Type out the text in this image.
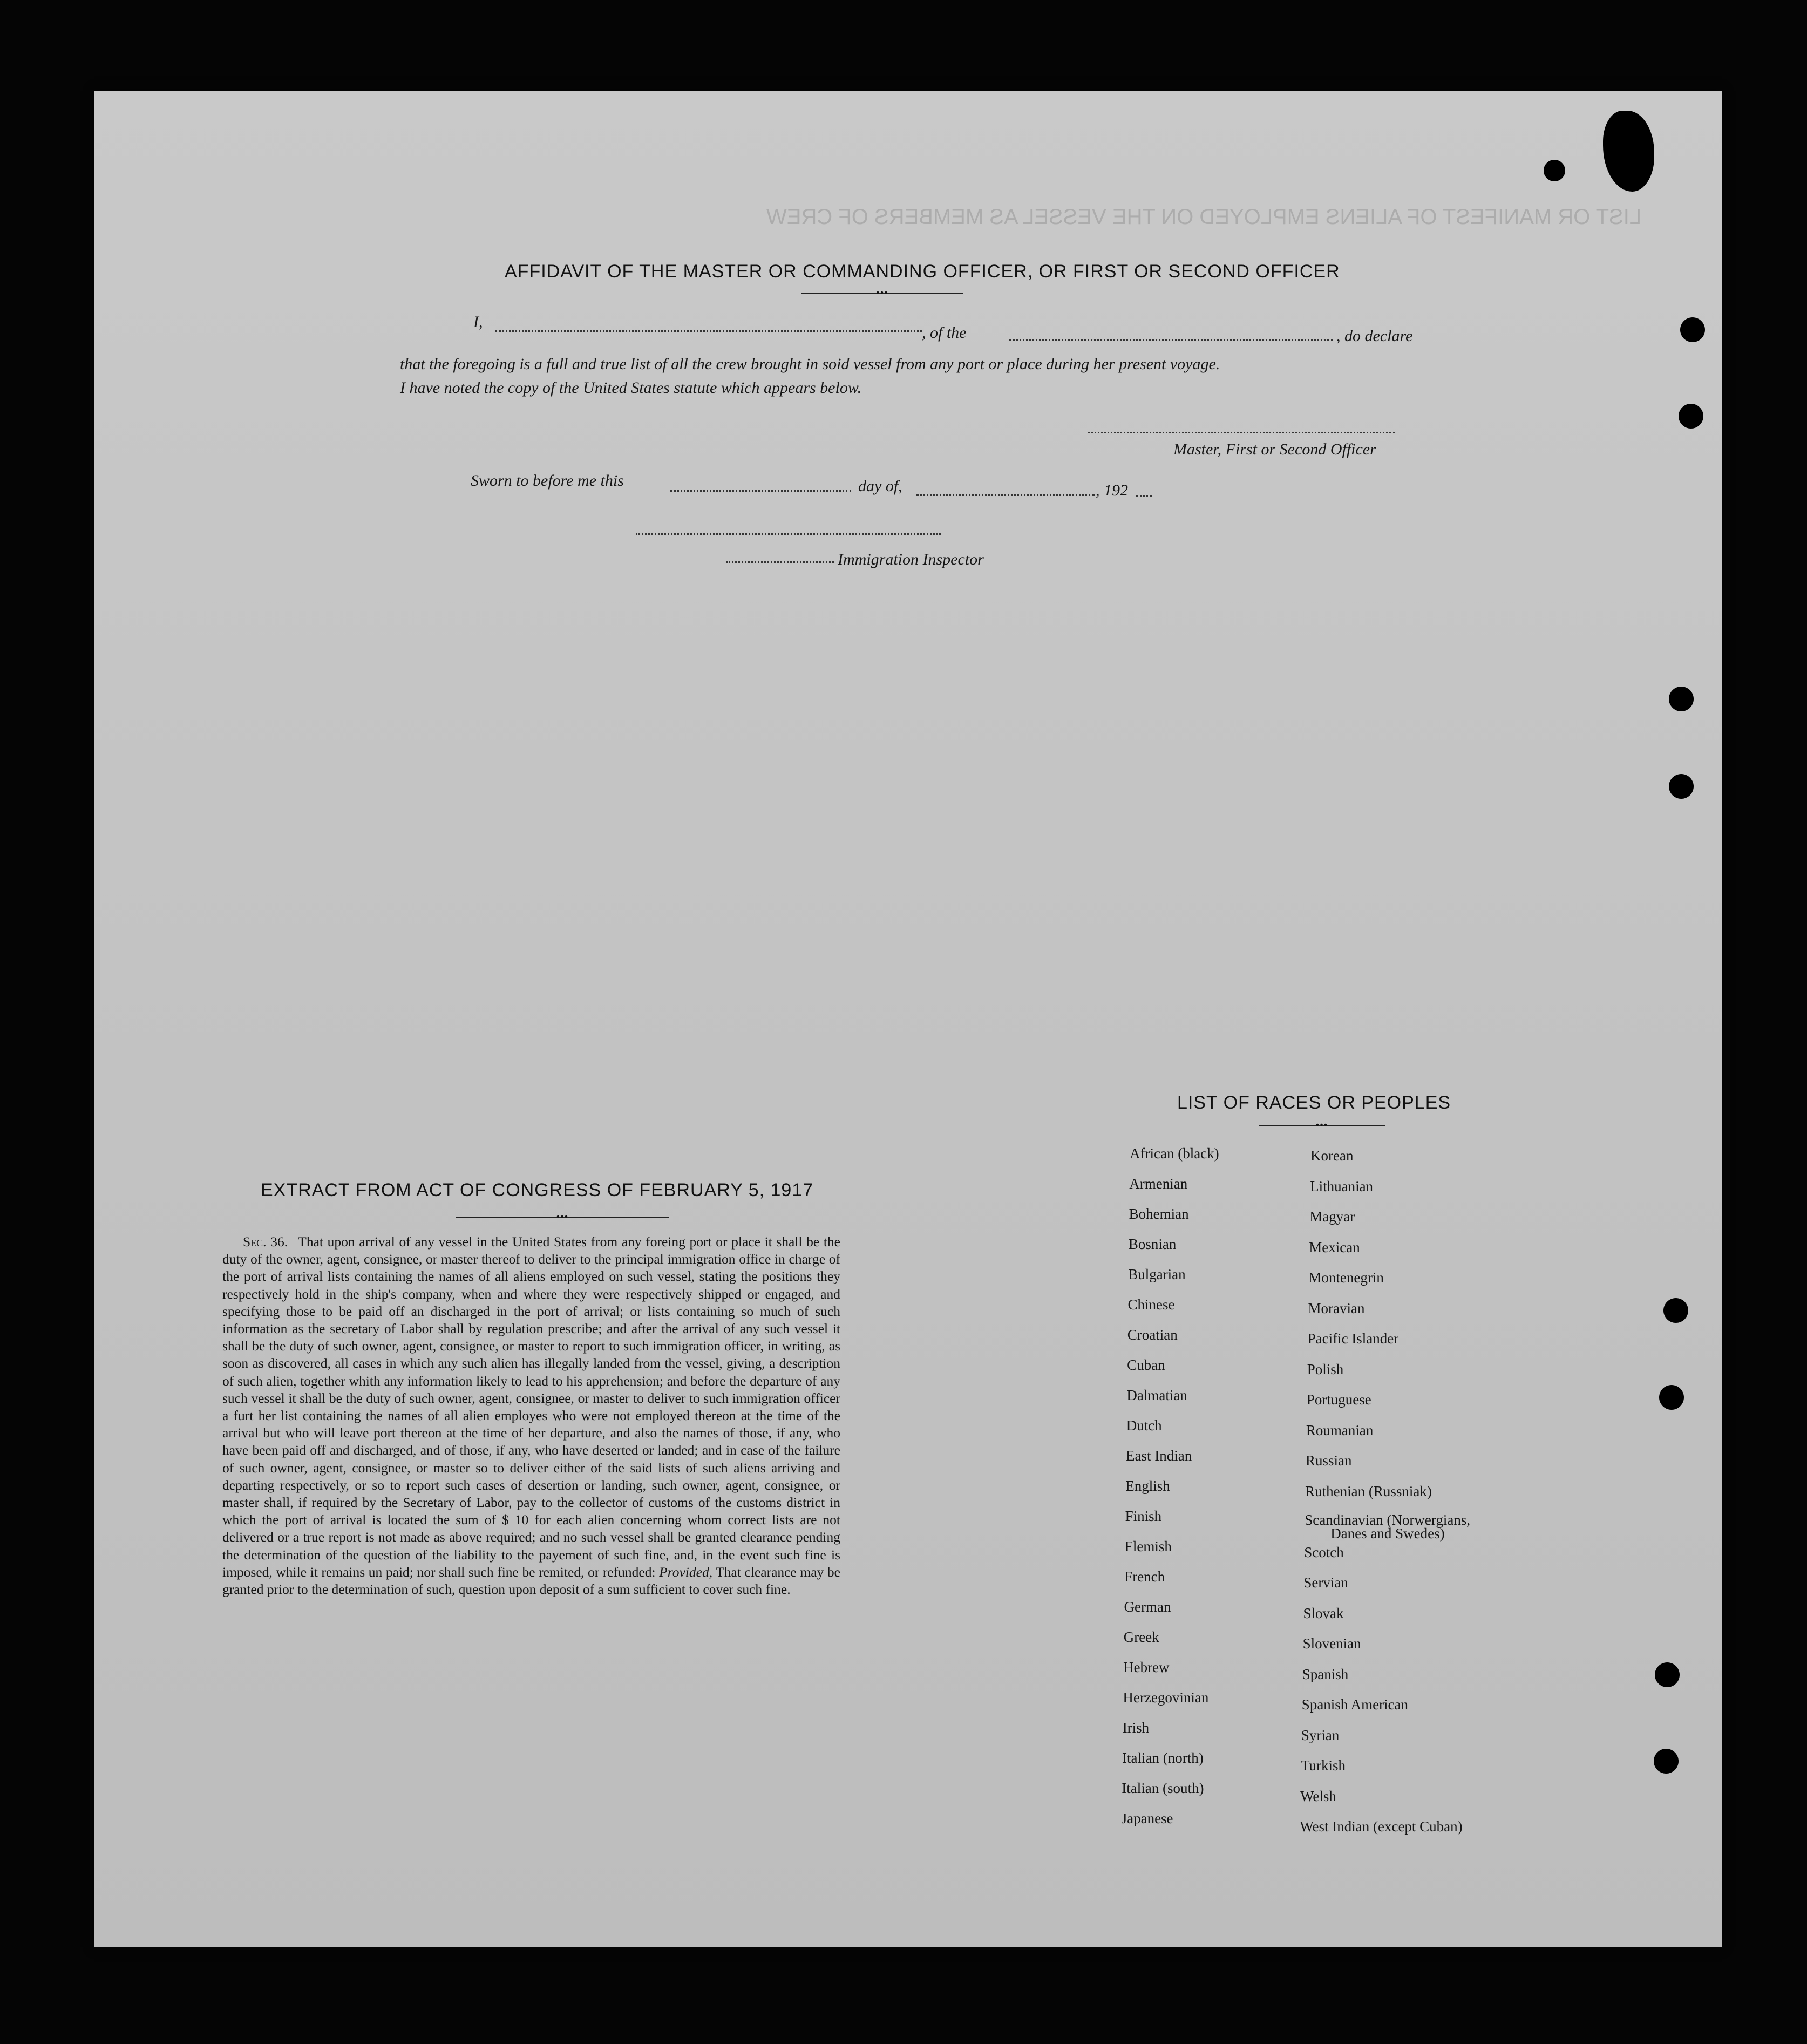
AFFIDAVIT OF THE MASTER OR COMMANDING OFFICER, OR FIRST OR SECOND OFFICER
•••
I,
, of the	, do declare
that the foregoing is a full and true list of all the crew brought in soid vessel from any port or place during her present voyage.
I have noted the copy of the United States statute which appears below.
Master, First or Second Officer
Sworn to before me this	day of,	, 192
Immigration Inspector
EXTRACT FROM ACT OF CONGRESS OF FEBRUARY 5, 1917
•••
Sec. 36. That upon arrival of any vessel in the United States from any foreing port or place it shall be the duty of the owner, agent, consignee, or master thereof to deliver to the principal immigration office in charge of the port of arrival lists containing the names of all aliens employed on such vessel, stating the positions they respectively hold in the ship's company, when and where they were respectively shipped or engaged, and specifying those to be paid off an discharged in the port of arrival; or lists containing so much of such information as the secretary of Labor shall by regulation prescribe; and after the arrival of any such vessel it shall be the duty of such owner, agent, consignee, or master to report to such immigration officer, in writing, as soon as discovered, all cases in which any such alien has illegally landed from the vessel, giving, a description of such alien, together whith any information likely to lead to his apprehension; and before the departure of any such vessel it shall be the duty of such owner, agent, consignee, or master to deliver to such immigration officer a furt her list containing the names of all alien employes who were not employed thereon at the time of the arrival but who will leave port thereon at the time of her departure, and also the names of those, if any, who have been paid off and discharged, and of those, if any, who have deserted or landed; and in case of the failure of such owner, agent, consignee, or master so to deliver either of the said lists of such aliens arriving and departing respectively, or so to report such cases of desertion or landing, such owner, agent, consignee, or master shall, if required by the Secretary of Labor, pay to the collector of customs of the customs district in which the port of arrival is located the sum of $ 10 for each alien concerning whom correct lists are not delivered or a true report is not made as above required; and no such vessel shall be granted clearance pending the determination of the question of the liability to the payement of such fine, and, in the event such fine is imposed, while it remains un paid; nor shall such fine be remited, or refunded: Provided, That clearance may be granted prior to the determination of such, question upon deposit of a sum sufficient to cover such fine.
LIST OF RACES OR PEOPLES
•••
African (black)
Armenian
Bohemian
Bosnian
Bulgarian
Chinese
Croatian
Cuban
Dalmatian
Dutch
East Indian
English
Finish
Flemish
French
German
Greek
Hebrew
Herzegovinian
Irish
Italian (north)
Italian (south)
Japanese
Korean
Lithuanian
Magyar
Mexican
Montenegrin
Moravian
Pacific Islander
Polish
Portuguese
Roumanian
Russian
Ruthenian (Russniak)
Scandinavian (Norwergians,
Danes and Swedes)
Scotch
Servian
Slovak
Slovenian
Spanish
Spanish American
Syrian
Turkish
Welsh
West Indian (except Cuban)
LIST OR MANIFEST OF ALIENS EMPLOYED ON THE VESSEL AS MEMBERS OF CREW
